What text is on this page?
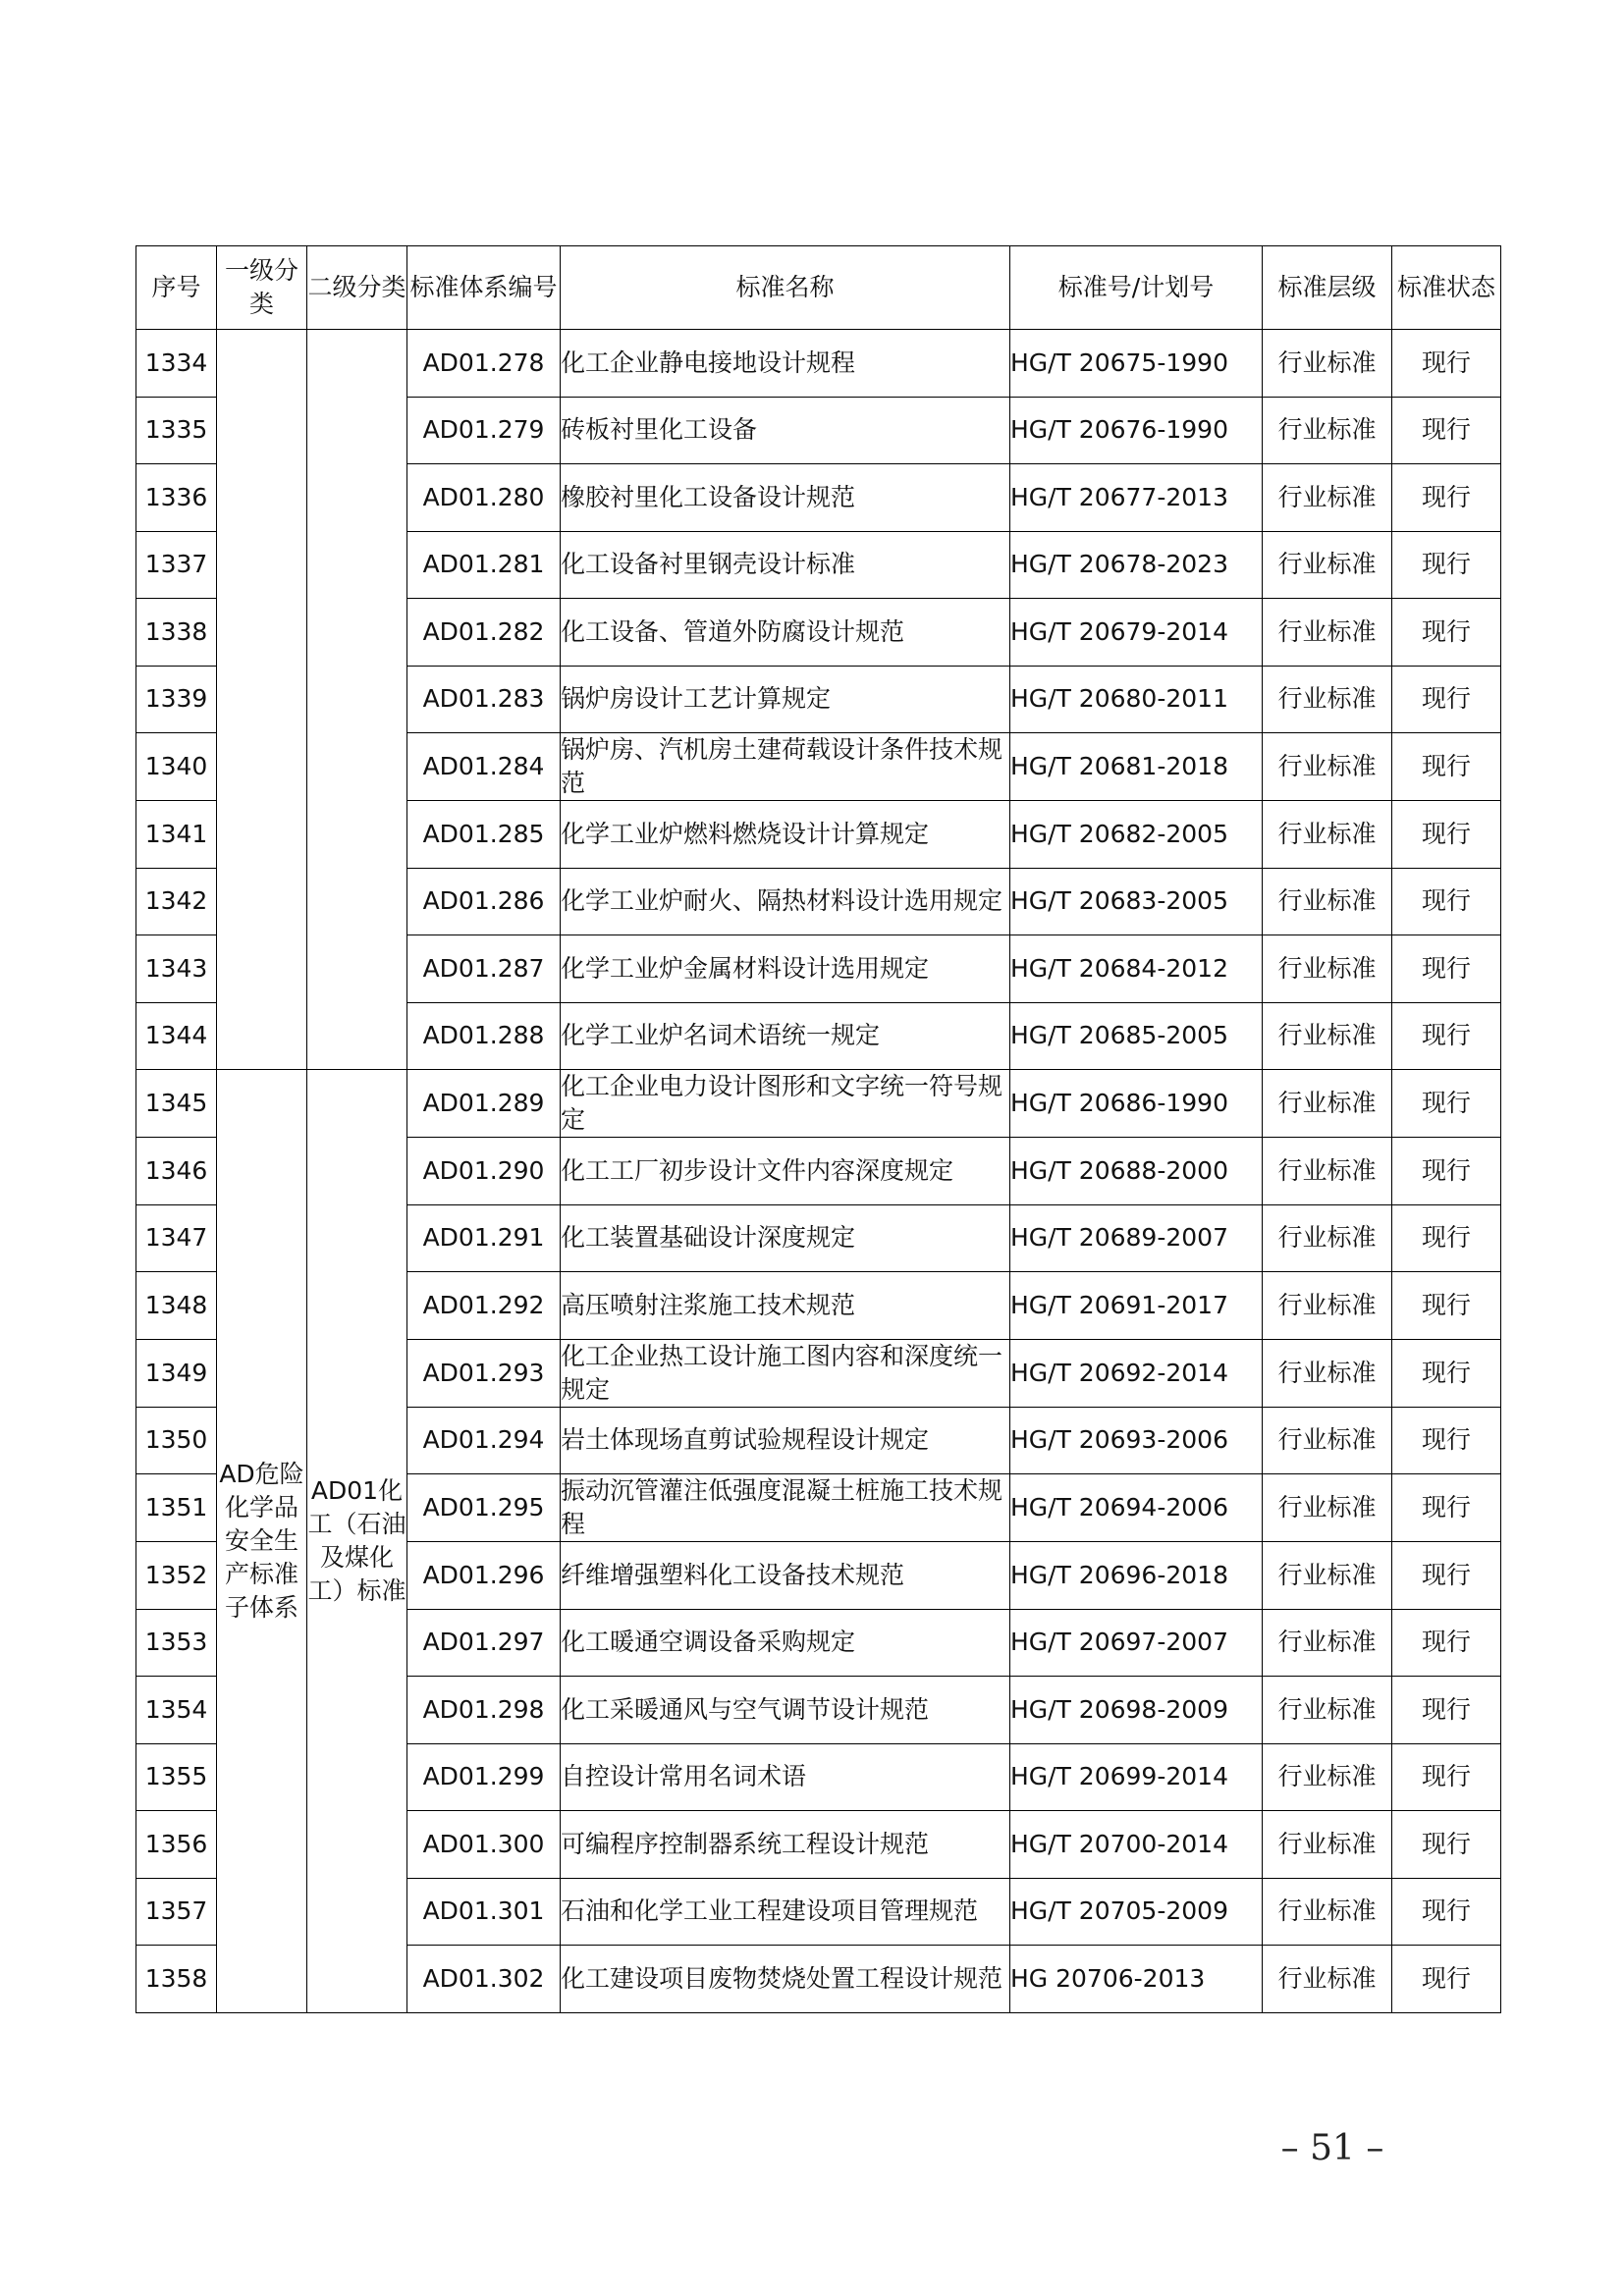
序号	一级分类	二级分类	标准体系编号	标准名称	标准号/计划号	标准层级	标准状态
1334			AD01.278	化工企业静电接地设计规程	HG/T 20675-1990	行业标准	现行
1335			AD01.279	砖板衬里化工设备	HG/T 20676-1990	行业标准	现行
1336			AD01.280	橡胶衬里化工设备设计规范	HG/T 20677-2013	行业标准	现行
1337			AD01.281	化工设备衬里钢壳设计标准	HG/T 20678-2023	行业标准	现行
1338			AD01.282	化工设备、管道外防腐设计规范	HG/T 20679-2014	行业标准	现行
1339			AD01.283	锅炉房设计工艺计算规定	HG/T 20680-2011	行业标准	现行
1340			AD01.284	锅炉房、汽机房土建荷载设计条件技术规范	HG/T 20681-2018	行业标准	现行
1341			AD01.285	化学工业炉燃料燃烧设计计算规定	HG/T 20682-2005	行业标准	现行
1342			AD01.286	化学工业炉耐火、隔热材料设计选用规定	HG/T 20683-2005	行业标准	现行
1343			AD01.287	化学工业炉金属材料设计选用规定	HG/T 20684-2012	行业标准	现行
1344			AD01.288	化学工业炉名词术语统一规定	HG/T 20685-2005	行业标准	现行
1345	AD危险化学品安全生产标准子体系	AD01化工（石油及煤化工）标准	AD01.289	化工企业电力设计图形和文字统一符号规定	HG/T 20686-1990	行业标准	现行
1346			AD01.290	化工工厂初步设计文件内容深度规定	HG/T 20688-2000	行业标准	现行
1347			AD01.291	化工装置基础设计深度规定	HG/T 20689-2007	行业标准	现行
1348			AD01.292	高压喷射注浆施工技术规范	HG/T 20691-2017	行业标准	现行
1349			AD01.293	化工企业热工设计施工图内容和深度统一规定	HG/T 20692-2014	行业标准	现行
1350			AD01.294	岩土体现场直剪试验规程设计规定	HG/T 20693-2006	行业标准	现行
1351			AD01.295	振动沉管灌注低强度混凝土桩施工技术规程	HG/T 20694-2006	行业标准	现行
1352			AD01.296	纤维增强塑料化工设备技术规范	HG/T 20696-2018	行业标准	现行
1353			AD01.297	化工暖通空调设备采购规定	HG/T 20697-2007	行业标准	现行
1354			AD01.298	化工采暖通风与空气调节设计规范	HG/T 20698-2009	行业标准	现行
1355			AD01.299	自控设计常用名词术语	HG/T 20699-2014	行业标准	现行
1356			AD01.300	可编程序控制器系统工程设计规范	HG/T 20700-2014	行业标准	现行
1357			AD01.301	石油和化学工业工程建设项目管理规范	HG/T 20705-2009	行业标准	现行
1358			AD01.302	化工建设项目废物焚烧处置工程设计规范	HG 20706-2013	行业标准	现行
– 51 –
